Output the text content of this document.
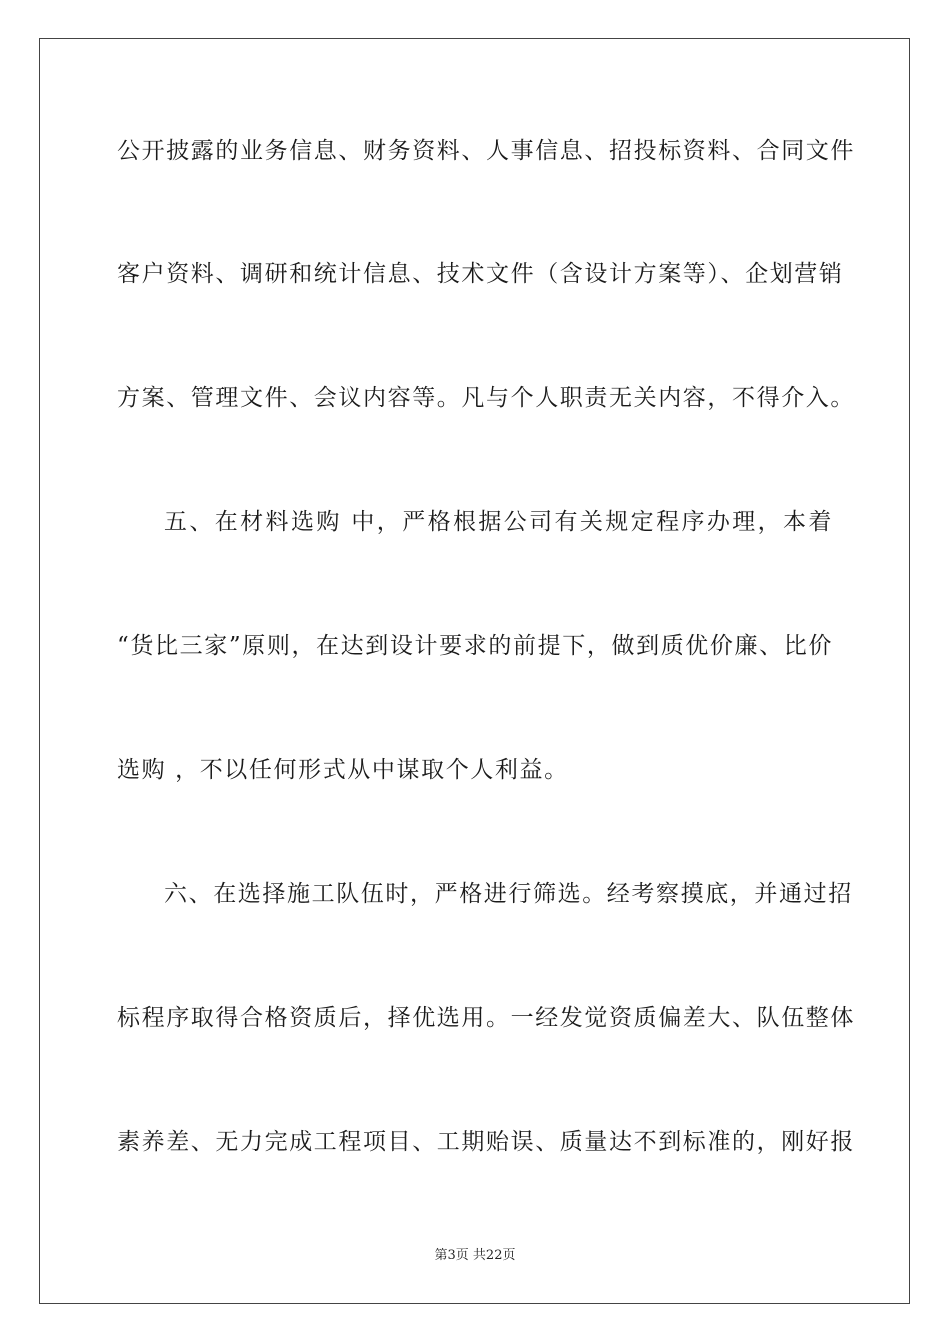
公开披露的业务信息、财务资料、人事信息、招投标资料、合同文件
客户资料、调研和统计信息、技术文件（含设计方案等）、企划营销
方案、管理文件、会议内容等。凡与个人职责无关内容，不得介入。
五、在材料选购 中，严格根据公司有关规定程序办理，本着
“货比三家”原则，在达到设计要求的前提下，做到质优价廉、比价
选购 ，不以任何形式从中谋取个人利益。
六、在选择施工队伍时，严格进行筛选。经考察摸底，并通过招
标程序取得合格资质后，择优选用。一经发觉资质偏差大、队伍整体
素养差、无力完成工程项目、工期贻误、质量达不到标准的，刚好报
第3页 共22页
